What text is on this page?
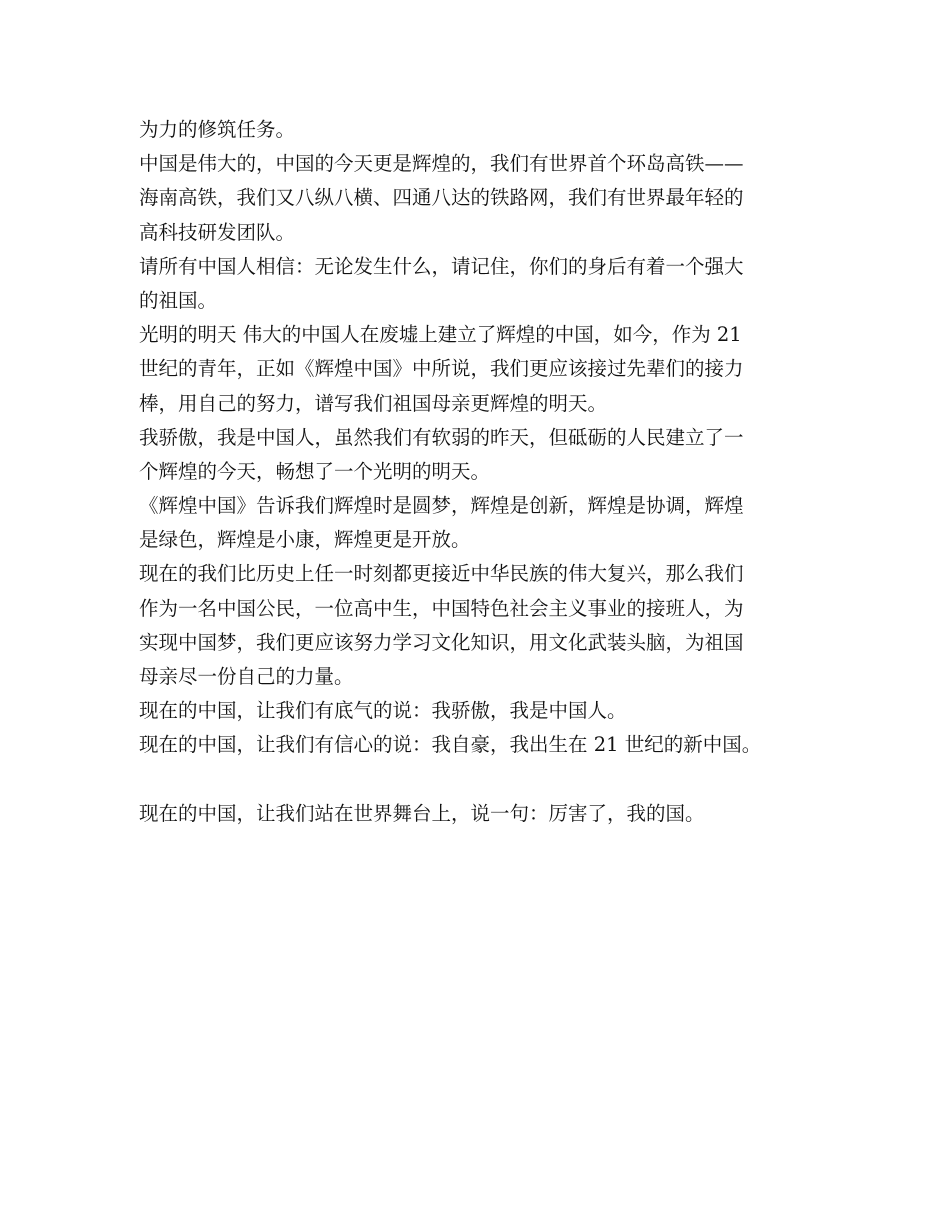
为力的修筑任务。
中国是伟大的，中国的今天更是辉煌的，我们有世界首个环岛高铁——
海南高铁，我们又八纵八横、四通八达的铁路网，我们有世界最年轻的
高科技研发团队。
请所有中国人相信：无论发生什么，请记住，你们的身后有着一个强大
的祖国。
光明的明天 伟大的中国人在废墟上建立了辉煌的中国，如今，作为 21
世纪的青年，正如《辉煌中国》中所说，我们更应该接过先辈们的接力
棒，用自己的努力，谱写我们祖国母亲更辉煌的明天。
我骄傲，我是中国人，虽然我们有软弱的昨天，但砥砺的人民建立了一
个辉煌的今天，畅想了一个光明的明天。
《辉煌中国》告诉我们辉煌时是圆梦，辉煌是创新，辉煌是协调，辉煌
是绿色，辉煌是小康，辉煌更是开放。
现在的我们比历史上任一时刻都更接近中华民族的伟大复兴，那么我们
作为一名中国公民，一位高中生，中国特色社会主义事业的接班人，为
实现中国梦，我们更应该努力学习文化知识，用文化武装头脑，为祖国
母亲尽一份自己的力量。
现在的中国，让我们有底气的说：我骄傲，我是中国人。
现在的中国，让我们有信心的说：我自豪，我出生在 21 世纪的新中国。
现在的中国，让我们站在世界舞台上，说一句：厉害了，我的国。
